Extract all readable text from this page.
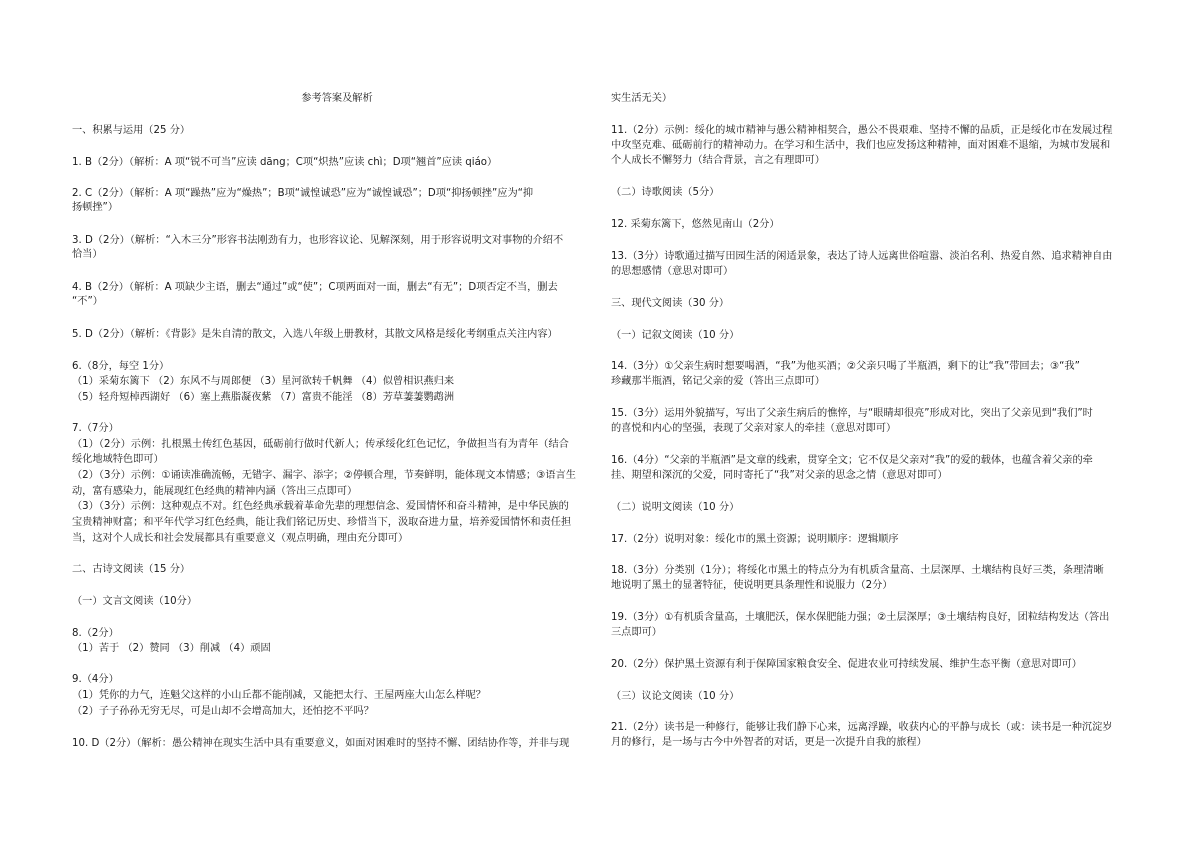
参考答案及解析
一、积累与运用（25 分）
1. B（2分）（解析：A 项“锐不可当”应读 dāng；C项“炽热”应读 chì；D项“翘首”应读 qiáo）
2. C（2分）（解析：A 项“躁热”应为“燥热”；B项“诚惶诚恐”应为“诚惶诚恐”；D项“抑扬顿挫”应为“抑
扬顿挫”）
3. D（2分）（解析：“入木三分”形容书法刚劲有力，也形容议论、见解深刻，用于形容说明文对事物的介绍不
恰当）
4. B（2分）（解析：A 项缺少主语，删去“通过”或“使”；C项两面对一面，删去“有无”；D项否定不当，删去
“不”）
5. D（2分）（解析：《背影》是朱自清的散文，入选八年级上册教材，其散文风格是绥化考纲重点关注内容）
6.（8分，每空 1分）
（1）采菊东篱下 （2）东风不与周郎便 （3）星河欲转千帆舞 （4）似曾相识燕归来
（5）轻舟短棹西湖好 （6）塞上燕脂凝夜紫 （7）富贵不能淫 （8）芳草萋萋鹦鹉洲
7.（7分）
（1）（2分）示例：扎根黑土传红色基因，砥砺前行做时代新人；传承绥化红色记忆，争做担当有为青年（结合
绥化地域特色即可）
（2）（3分）示例：①诵读准确流畅，无错字、漏字、添字；②停顿合理，节奏鲜明，能体现文本情感；③语言生
动，富有感染力，能展现红色经典的精神内涵（答出三点即可）
（3）（3分）示例：这种观点不对。红色经典承载着革命先辈的理想信念、爱国情怀和奋斗精神，是中华民族的
宝贵精神财富；和平年代学习红色经典，能让我们铭记历史、珍惜当下，汲取奋进力量，培养爱国情怀和责任担
当，这对个人成长和社会发展都具有重要意义（观点明确，理由充分即可）
二、古诗文阅读（15 分）
（一）文言文阅读（10分）
8.（2分）
（1）苦于 （2）赞同 （3）削减 （4）顽固
9.（4分）
（1）凭你的力气，连魁父这样的小山丘都不能削减，又能把太行、王屋两座大山怎么样呢？
（2）子子孙孙无穷无尽，可是山却不会增高加大，还怕挖不平吗？
10. D（2分）（解析：愚公精神在现实生活中具有重要意义，如面对困难时的坚持不懈、团结协作等，并非与现
实生活无关）
11.（2分）示例：绥化的城市精神与愚公精神相契合，愚公不畏艰难、坚持不懈的品质，正是绥化市在发展过程
中攻坚克难、砥砺前行的精神动力。在学习和生活中，我们也应发扬这种精神，面对困难不退缩，为城市发展和
个人成长不懈努力（结合背景，言之有理即可）
（二）诗歌阅读（5分）
12. 采菊东篱下，悠然见南山（2分）
13.（3分）诗歌通过描写田园生活的闲适景象，表达了诗人远离世俗喧嚣、淡泊名利、热爱自然、追求精神自由
的思想感情（意思对即可）
三、现代文阅读（30 分）
（一）记叙文阅读（10 分）
14.（3分）①父亲生病时想要喝酒，“我”为他买酒；②父亲只喝了半瓶酒，剩下的让“我”带回去；③“我”
珍藏那半瓶酒，铭记父亲的爱（答出三点即可）
15.（3分）运用外貌描写，写出了父亲生病后的憔悴，与“眼睛却很亮”形成对比，突出了父亲见到“我们”时
的喜悦和内心的坚强，表现了父亲对家人的牵挂（意思对即可）
16.（4分）“父亲的半瓶酒”是文章的线索，贯穿全文；它不仅是父亲对“我”的爱的载体，也蕴含着父亲的牵
挂、期望和深沉的父爱，同时寄托了“我”对父亲的思念之情（意思对即可）
（二）说明文阅读（10 分）
17.（2分）说明对象：绥化市的黑土资源；说明顺序：逻辑顺序
18.（3分）分类别（1分）；将绥化市黑土的特点分为有机质含量高、土层深厚、土壤结构良好三类，条理清晰
地说明了黑土的显著特征，使说明更具条理性和说服力（2分）
19.（3分）①有机质含量高，土壤肥沃，保水保肥能力强；②土层深厚；③土壤结构良好，团粒结构发达（答出
三点即可）
20.（2分）保护黑土资源有利于保障国家粮食安全、促进农业可持续发展、维护生态平衡（意思对即可）
（三）议论文阅读（10 分）
21.（2分）读书是一种修行，能够让我们静下心来，远离浮躁，收获内心的平静与成长（或：读书是一种沉淀岁
月的修行，是一场与古今中外智者的对话，更是一次提升自我的旅程）
